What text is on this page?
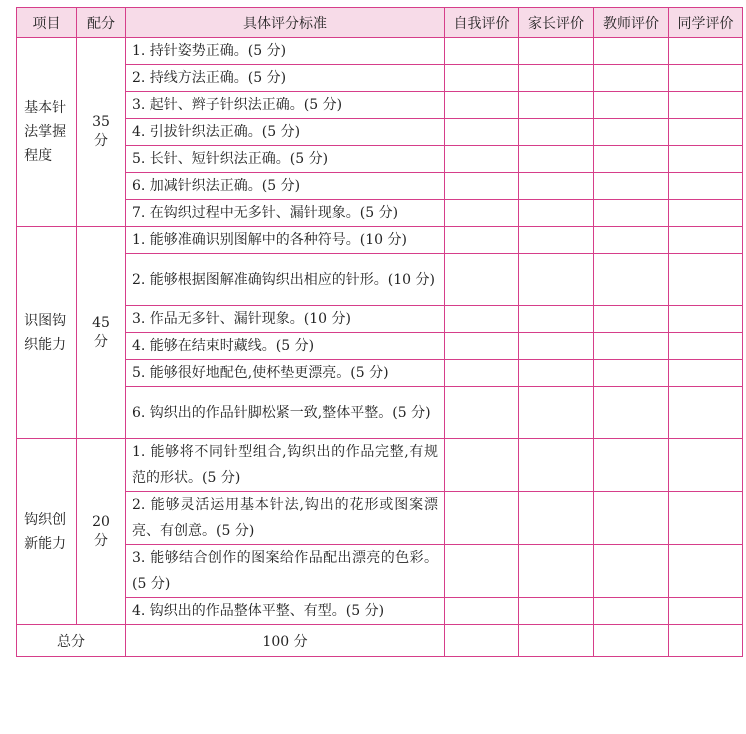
项目	配分	具体评分标准	自我评价	家长评价	教师评价	同学评价
基本针法掌握程度	35 分	1. 持针姿势正确。(5 分)				
		2. 持线方法正确。(5 分)				
		3. 起针、辫子针织法正确。(5 分)				
		4. 引拔针织法正确。(5 分)				
		5. 长针、短针织法正确。(5 分)				
		6. 加减针织法正确。(5 分)				
		7. 在钩织过程中无多针、漏针现象。(5 分)				
识图钩织能力	45 分	1. 能够准确识别图解中的各种符号。(10 分)				
		2. 能够根据图解准确钩织出相应的针形。(10 分)				
		3. 作品无多针、漏针现象。(10 分)				
		4. 能够在结束时藏线。(5 分)				
		5. 能够很好地配色,使杯垫更漂亮。(5 分)				
		6. 钩织出的作品针脚松紧一致,整体平整。(5 分)				
钩织创新能力	20 分	1. 能够将不同针型组合,钩织出的作品完整,有规范的形状。(5 分)				
		2. 能够灵活运用基本针法,钩出的花形或图案漂亮、有创意。(5 分)				
		3. 能够结合创作的图案给作品配出漂亮的色彩。(5 分)				
		4. 钩织出的作品整体平整、有型。(5 分)				
总分		100 分				
